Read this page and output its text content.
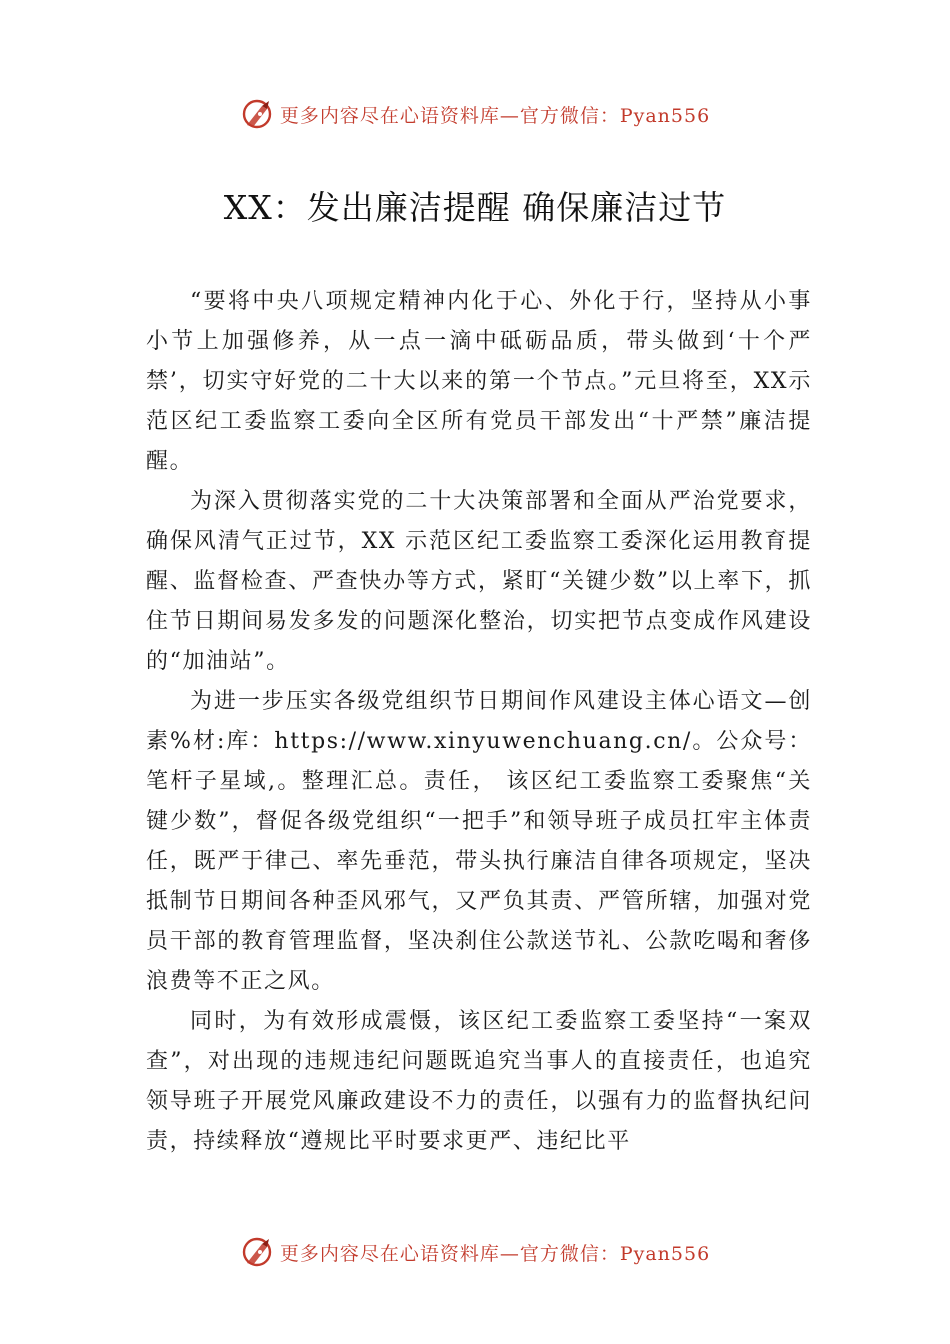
更多内容尽在心语资料库—官方微信：Pyan556
XX：发出廉洁提醒 确保廉洁过节

“要将中央八项规定精神内化于心、外化于行，坚持从小事小节上加强修养，从一点一滴中砥砺品质，带头做到‘十个严禁’，切实守好党的二十大以来的第一个节点。”元旦将至，XX示范区纪工委监察工委向全区所有党员干部发出“十严禁”廉洁提醒。

为深入贯彻落实党的二十大决策部署和全面从严治党要求，确保风清气正过节，XX 示范区纪工委监察工委深化运用教育提醒、监督检查、严查快办等方式，紧盯“关键少数”以上率下，抓住节日期间易发多发的问题深化整治，切实把节点变成作风建设的“加油站”。

为进一步压实各级党组织节日期间作风建设主体心语文—创素%材:库：https://www.xinyuwenchuang.cn/。公众号：笔杆子星域,。整理汇总。责任， 该区纪工委监察工委聚焦“关键少数”，督促各级党组织“一把手”和领导班子成员扛牢主体责任，既严于律己、率先垂范，带头执行廉洁自律各项规定，坚决抵制节日期间各种歪风邪气，又严负其责、严管所辖，加强对党员干部的教育管理监督，坚决刹住公款送节礼、公款吃喝和奢侈浪费等不正之风。

同时，为有效形成震慑，该区纪工委监察工委坚持“一案双查”，对出现的违规违纪问题既追究当事人的直接责任，也追究领导班子开展党风廉政建设不力的责任，以强有力的监督执纪问责，持续释放“遵规比平时要求更严、违纪比平

更多内容尽在心语资料库—官方微信：Pyan556
